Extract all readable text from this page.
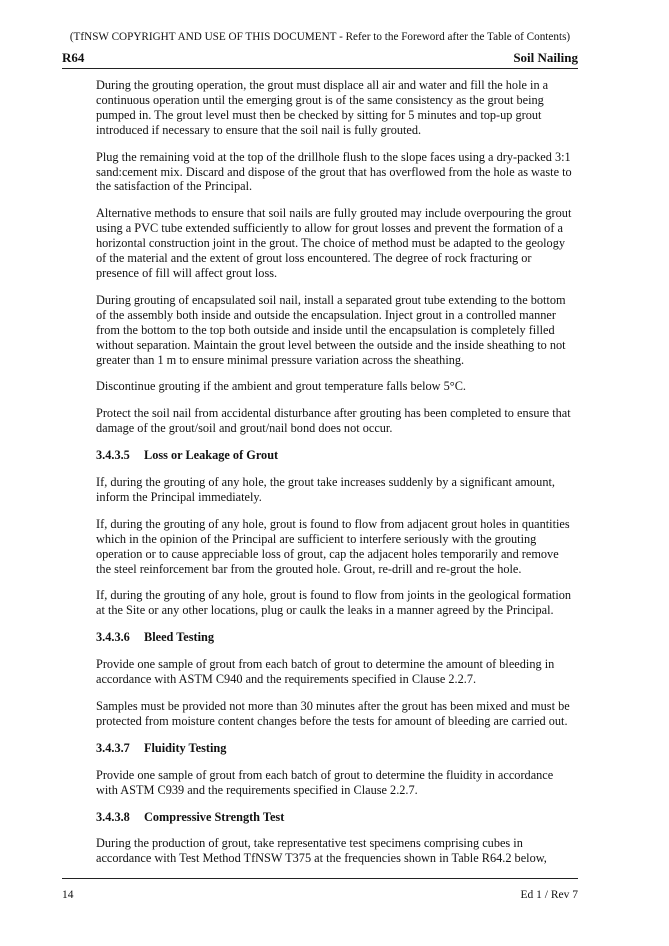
(TfNSW COPYRIGHT AND USE OF THIS DOCUMENT - Refer to the Foreword after the Table of Contents)
R64	Soil Nailing

During the grouting operation, the grout must displace all air and water and fill the hole in a continuous operation until the emerging grout is of the same consistency as the grout being pumped in. The grout level must then be checked by sitting for 5 minutes and top-up grout introduced if necessary to ensure that the soil nail is fully grouted.

Plug the remaining void at the top of the drillhole flush to the slope faces using a dry-packed 3:1 sand:cement mix. Discard and dispose of the grout that has overflowed from the hole as waste to the satisfaction of the Principal.

Alternative methods to ensure that soil nails are fully grouted may include overpouring the grout using a PVC tube extended sufficiently to allow for grout losses and prevent the formation of a horizontal construction joint in the grout. The choice of method must be adapted to the geology of the material and the extent of grout loss encountered. The degree of rock fracturing or presence of fill will affect grout loss.

During grouting of encapsulated soil nail, install a separated grout tube extending to the bottom of the assembly both inside and outside the encapsulation. Inject grout in a controlled manner from the bottom to the top both outside and inside until the encapsulation is completely filled without separation. Maintain the grout level between the outside and the inside sheathing to not greater than 1 m to ensure minimal pressure variation across the sheathing.

Discontinue grouting if the ambient and grout temperature falls below 5°C.

Protect the soil nail from accidental disturbance after grouting has been completed to ensure that damage of the grout/soil and grout/nail bond does not occur.

3.4.3.5 Loss or Leakage of Grout

If, during the grouting of any hole, the grout take increases suddenly by a significant amount, inform the Principal immediately.

If, during the grouting of any hole, grout is found to flow from adjacent grout holes in quantities which in the opinion of the Principal are sufficient to interfere seriously with the grouting operation or to cause appreciable loss of grout, cap the adjacent holes temporarily and remove the steel reinforcement bar from the grouted hole. Grout, re-drill and re-grout the hole.

If, during the grouting of any hole, grout is found to flow from joints in the geological formation at the Site or any other locations, plug or caulk the leaks in a manner agreed by the Principal.

3.4.3.6 Bleed Testing

Provide one sample of grout from each batch of grout to determine the amount of bleeding in accordance with ASTM C940 and the requirements specified in Clause 2.2.7.

Samples must be provided not more than 30 minutes after the grout has been mixed and must be protected from moisture content changes before the tests for amount of bleeding are carried out.

3.4.3.7 Fluidity Testing

Provide one sample of grout from each batch of grout to determine the fluidity in accordance with ASTM C939 and the requirements specified in Clause 2.2.7.

3.4.3.8 Compressive Strength Test

During the production of grout, take representative test specimens comprising cubes in accordance with Test Method TfNSW T375 at the frequencies shown in Table R64.2 below,

14	Ed 1 / Rev 7
